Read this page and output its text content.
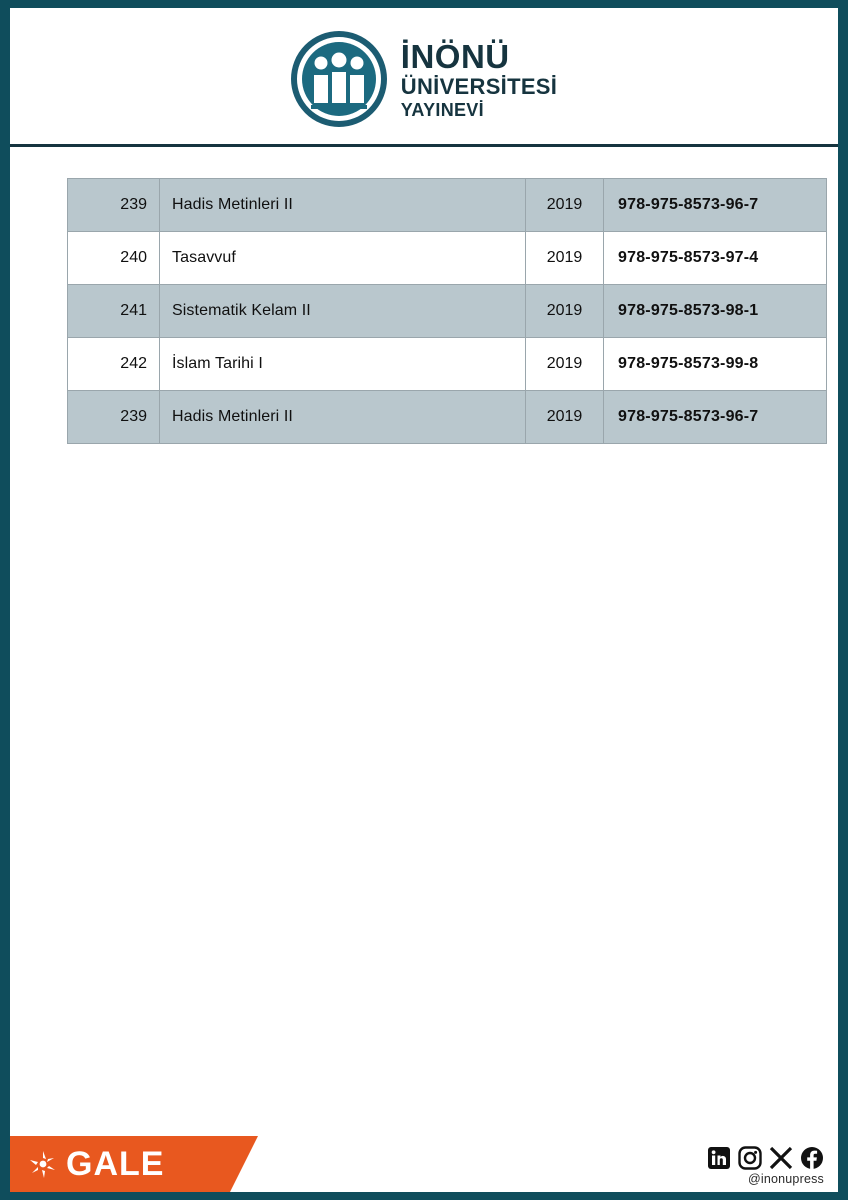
İNÖNÜ
ÜNİVERSİTESİ
YAYINEVİ
239	Hadis Metinleri II	2019	978-975-8573-96-7
240	Tasavvuf	2019	978-975-8573-97-4
241	Sistematik Kelam II	2019	978-975-8573-98-1
242	İslam Tarihi I	2019	978-975-8573-99-8
239	Hadis Metinleri II	2019	978-975-8573-96-7
GALE	@inonupress
